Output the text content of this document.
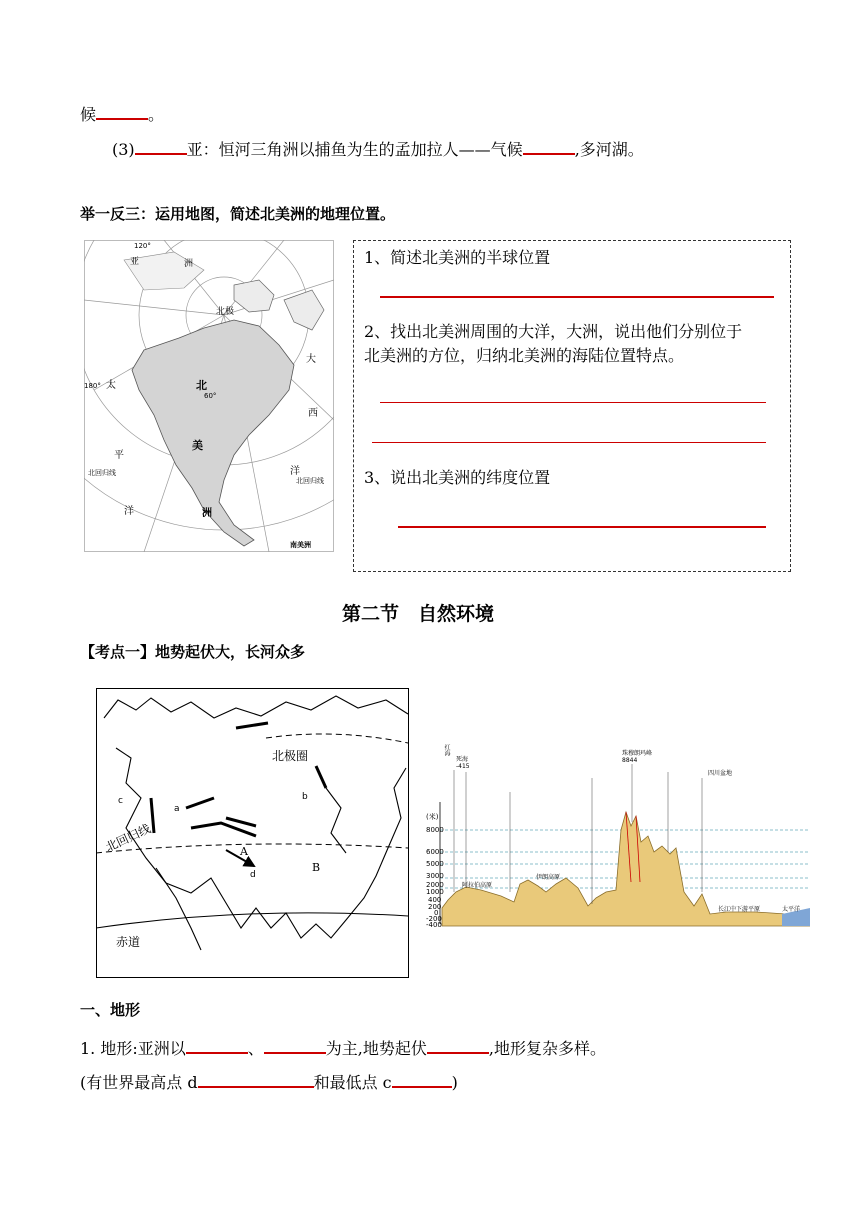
候	。
(3)	亚：恒河三角洲以捕鱼为生的孟加拉人——气候	,多河湖。
举一反三：运用地图，简述北美洲的地理位置。
120°
亚	洲
北极
北
60°
美
洲
180° 太
平
洋
大
西
洋
北回归线
北回归线
南美洲
1、简述北美洲的半球位置
2、找出北美洲周围的大洋，大洲，说出他们分别位于
北美洲的方位，归纳北美洲的海陆位置特点。
3、说出北美洲的纬度位置
第二节　自然环境
【考点一】地势起伏大，长河众多
北极圈
北回归线
赤道
a
b
c
d
A
B
(米)
8000
6000
5000
3000
2000
1000
400
200
0
-200
-400
红海
死海 -415
阿拉伯高原
伊朗高原
珠穆朗玛峰 8844
四川盆地
长江中下游平原	太平洋
一、地形
1. 地形:亚洲以	、	为主,地势起伏	,地形复杂多样。
(有世界最高点 d	和最低点 c	)
